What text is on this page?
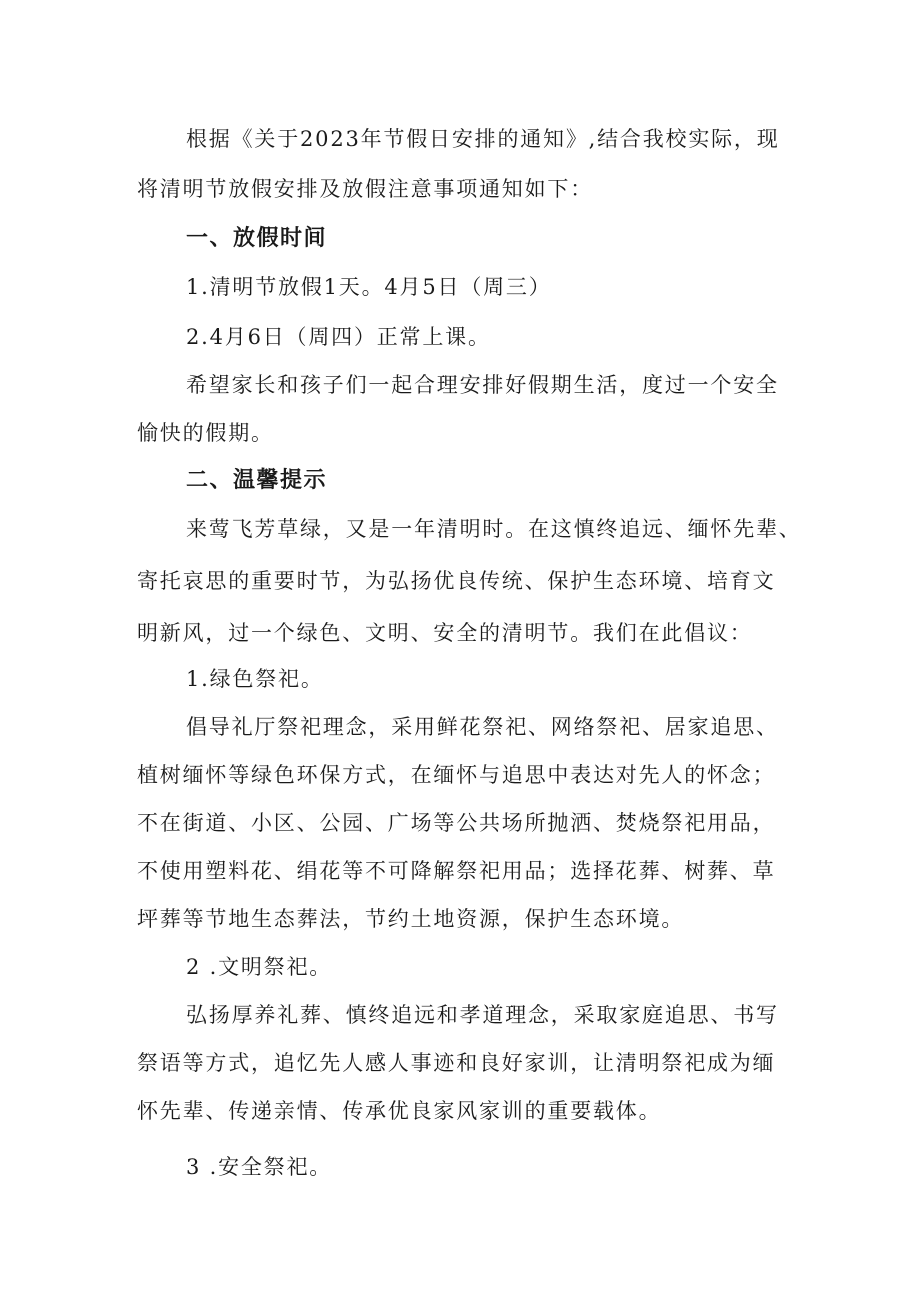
根据《关于2023年节假日安排的通知》,结合我校实际，现
将清明节放假安排及放假注意事项通知如下：
一、放假时间
1.清明节放假1天。4月5日（周三）
2.4月6日（周四）正常上课。
希望家长和孩子们一起合理安排好假期生活，度过一个安全
愉快的假期。
二、温馨提示
来莺飞芳草绿，又是一年清明时。在这慎终追远、缅怀先辈、
寄托哀思的重要时节，为弘扬优良传统、保护生态环境、培育文
明新风，过一个绿色、文明、安全的清明节。我们在此倡议：
1.绿色祭祀。
倡导礼厅祭祀理念，采用鲜花祭祀、网络祭祀、居家追思、
植树缅怀等绿色环保方式，在缅怀与追思中表达对先人的怀念；
不在街道、小区、公园、广场等公共场所抛洒、焚烧祭祀用品，
不使用塑料花、绢花等不可降解祭祀用品；选择花葬、树葬、草
坪葬等节地生态葬法，节约土地资源，保护生态环境。
2 .文明祭祀。
弘扬厚养礼葬、慎终追远和孝道理念，采取家庭追思、书写
祭语等方式，追忆先人感人事迹和良好家训，让清明祭祀成为缅
怀先辈、传递亲情、传承优良家风家训的重要载体。
3 .安全祭祀。
